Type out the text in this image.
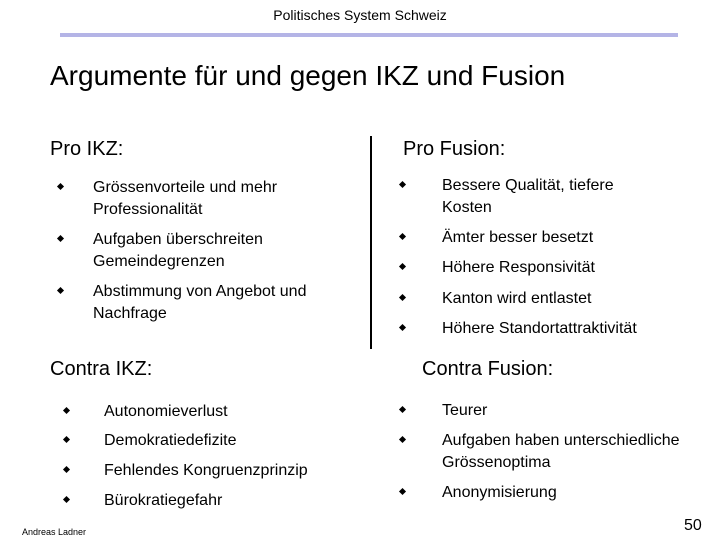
Politisches System Schweiz
Argumente für und gegen IKZ und Fusion
Pro IKZ:
Grössenvorteile und mehr
Professionalität
Aufgaben überschreiten
Gemeindegrenzen
Abstimmung von Angebot und
Nachfrage
Pro Fusion:
Bessere Qualität, tiefere
Kosten
Ämter besser besetzt
Höhere Responsivität
Kanton wird entlastet
Höhere Standortattraktivität
Contra IKZ:
Autonomieverlust
Demokratiedefizite
Fehlendes Kongruenzprinzip
Bürokratiegefahr
Contra Fusion:
Teurer
Aufgaben haben unterschiedliche
Grössenoptima
Anonymisierung
Andreas Ladner	50
